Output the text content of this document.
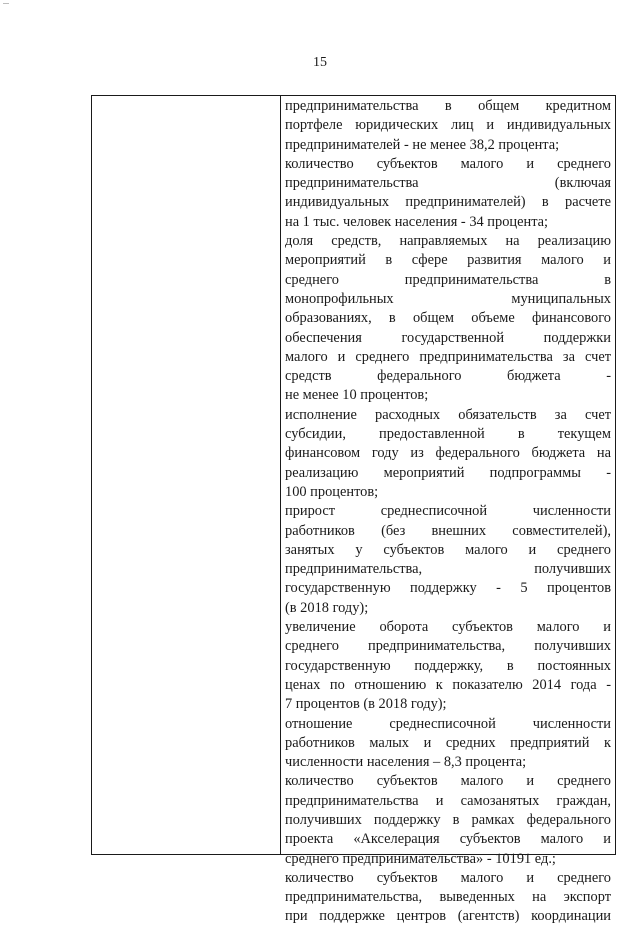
15
предпринимательства в общем кредитном
портфеле юридических лиц и индивидуальных
предпринимателей - не менее 38,2 процента;
количество субъектов малого и среднего
предпринимательства (включая
индивидуальных предпринимателей) в расчете
на 1 тыс. человек населения - 34 процента;
доля средств, направляемых на реализацию
мероприятий в сфере развития малого и
среднего предпринимательства в
монопрофильных муниципальных
образованиях, в общем объеме финансового
обеспечения государственной поддержки
малого и среднего предпринимательства за счет
средств федерального бюджета -
не менее 10 процентов;
исполнение расходных обязательств за счет
субсидии, предоставленной в текущем
финансовом году из федерального бюджета на
реализацию мероприятий подпрограммы -
100 процентов;
прирост среднесписочной численности
работников (без внешних совместителей),
занятых у субъектов малого и среднего
предпринимательства, получивших
государственную поддержку - 5 процентов
(в 2018 году);
увеличение оборота субъектов малого и
среднего предпринимательства, получивших
государственную поддержку, в постоянных
ценах по отношению к показателю 2014 года -
7 процентов (в 2018 году);
отношение среднесписочной численности
работников малых и средних предприятий к
численности населения – 8,3 процента;
количество субъектов малого и среднего
предпринимательства и самозанятых граждан,
получивших поддержку в рамках федерального
проекта «Акселерация субъектов малого и
среднего предпринимательства» - 10191 ед.;
количество субъектов малого и среднего
предпринимательства, выведенных на экспорт
при поддержке центров (агентств) координации
